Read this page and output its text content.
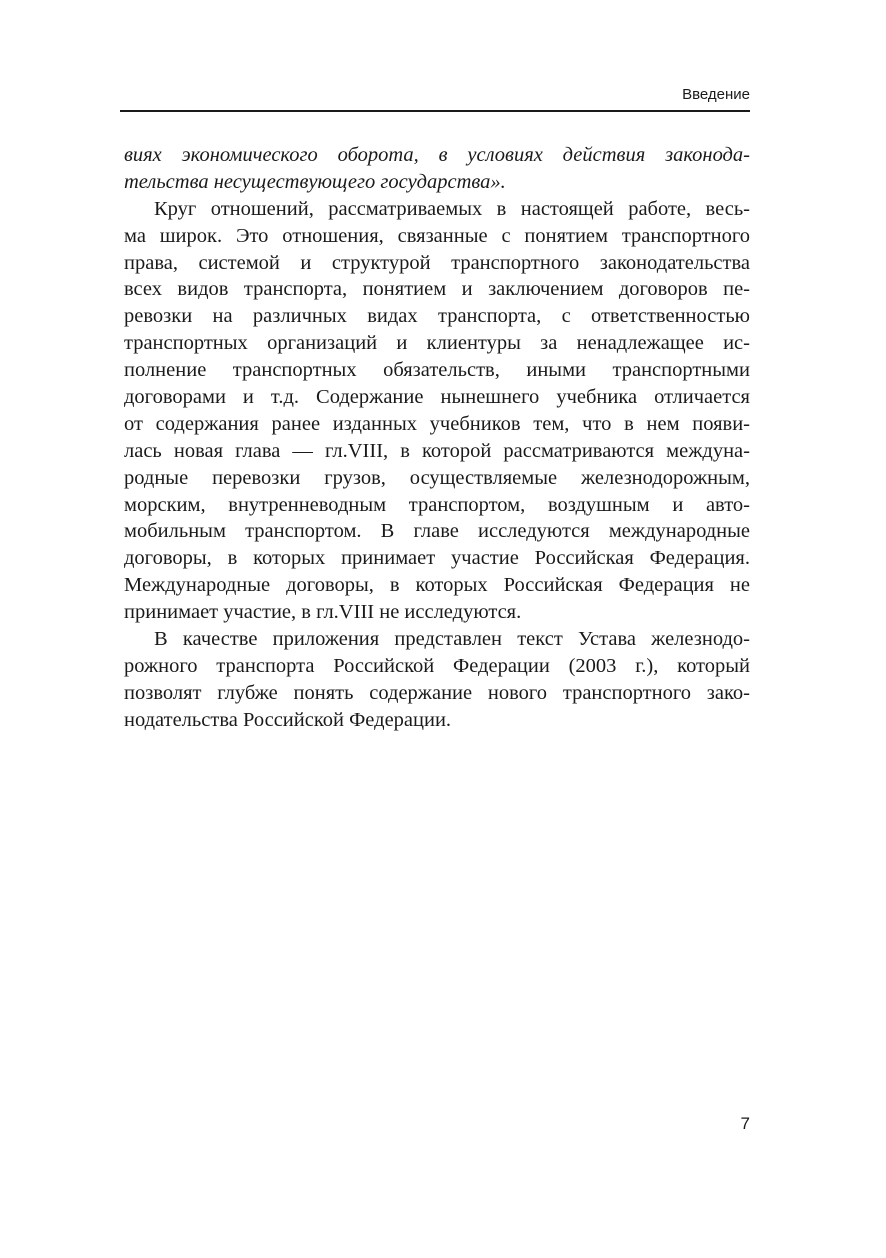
Введение
виях экономического оборота, в условиях действия законода-
тельства несуществующего государства».
Круг отношений, рассматриваемых в настоящей работе, весь-
ма широк. Это отношения, связанные с понятием транспортного
права, системой и структурой транспортного законодательства
всех видов транспорта, понятием и заключением договоров пе-
ревозки на различных видах транспорта, с ответственностью
транспортных организаций и клиентуры за ненадлежащее ис-
полнение транспортных обязательств, иными транспортными
договорами и т.д. Содержание нынешнего учебника отличается
от содержания ранее изданных учебников тем, что в нем появи-
лась новая глава — гл.VIII, в которой рассматриваются междуна-
родные перевозки грузов, осуществляемые железнодорожным,
морским, внутренневодным транспортом, воздушным и авто-
мобильным транспортом. В главе исследуются международные
договоры, в которых принимает участие Российская Федерация.
Международные договоры, в которых Российская Федерация не
принимает участие, в гл.VIII не исследуются.
В качестве приложения представлен текст Устава железнодо-
рожного транспорта Российской Федерации (2003 г.), который
позволят глубже понять содержание нового транспортного зако-
нодательства Российской Федерации.
7
